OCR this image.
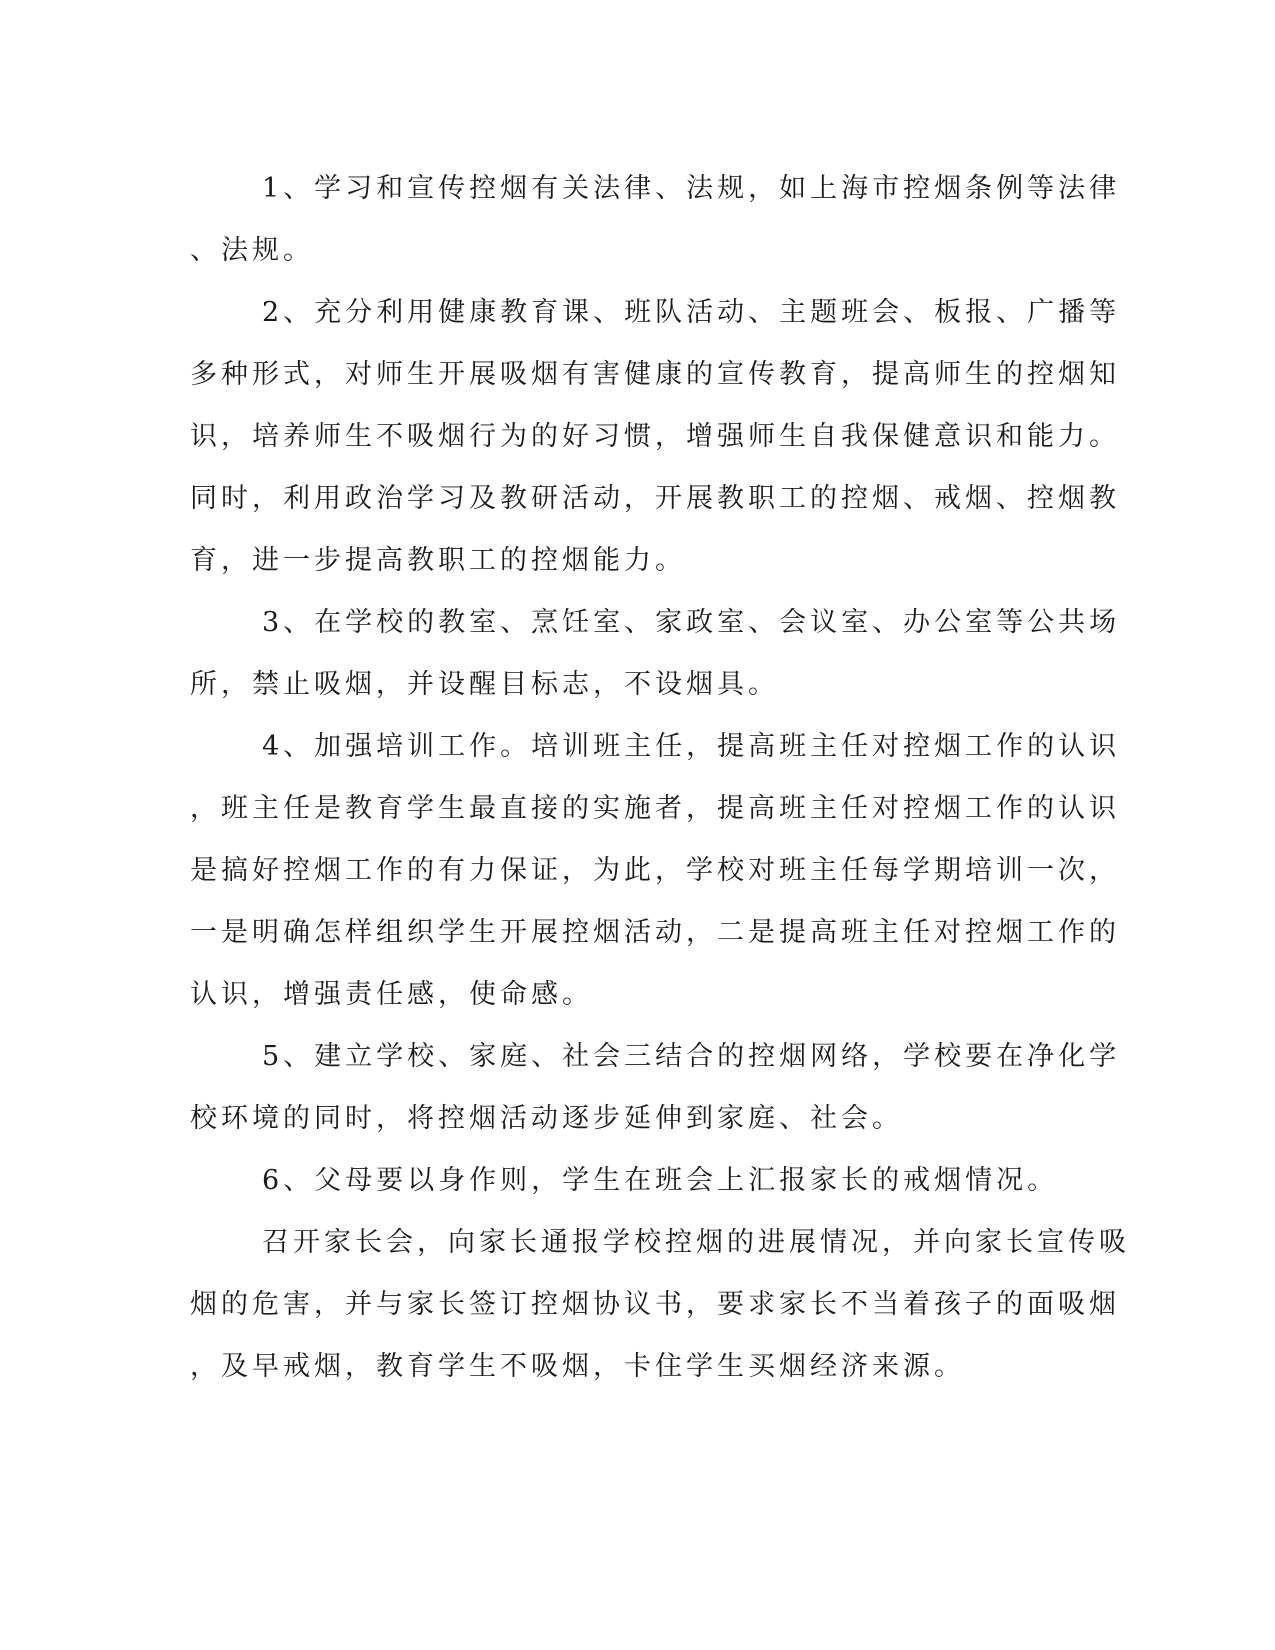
1、学习和宣传控烟有关法律、法规，如上海市控烟条例等法律
、法规。

2、充分利用健康教育课、班队活动、主题班会、板报、广播等
多种形式，对师生开展吸烟有害健康的宣传教育，提高师生的控烟知
识，培养师生不吸烟行为的好习惯，增强师生自我保健意识和能力。
同时，利用政治学习及教研活动，开展教职工的控烟、戒烟、控烟教
育，进一步提高教职工的控烟能力。

3、在学校的教室、烹饪室、家政室、会议室、办公室等公共场
所，禁止吸烟，并设醒目标志，不设烟具。

4、加强培训工作。培训班主任，提高班主任对控烟工作的认识
，班主任是教育学生最直接的实施者，提高班主任对控烟工作的认识
是搞好控烟工作的有力保证，为此，学校对班主任每学期培训一次，
一是明确怎样组织学生开展控烟活动，二是提高班主任对控烟工作的
认识，增强责任感，使命感。

5、建立学校、家庭、社会三结合的控烟网络，学校要在净化学
校环境的同时，将控烟活动逐步延伸到家庭、社会。

6、父母要以身作则，学生在班会上汇报家长的戒烟情况。

召开家长会，向家长通报学校控烟的进展情况，并向家长宣传吸
烟的危害，并与家长签订控烟协议书，要求家长不当着孩子的面吸烟
，及早戒烟，教育学生不吸烟，卡住学生买烟经济来源。
